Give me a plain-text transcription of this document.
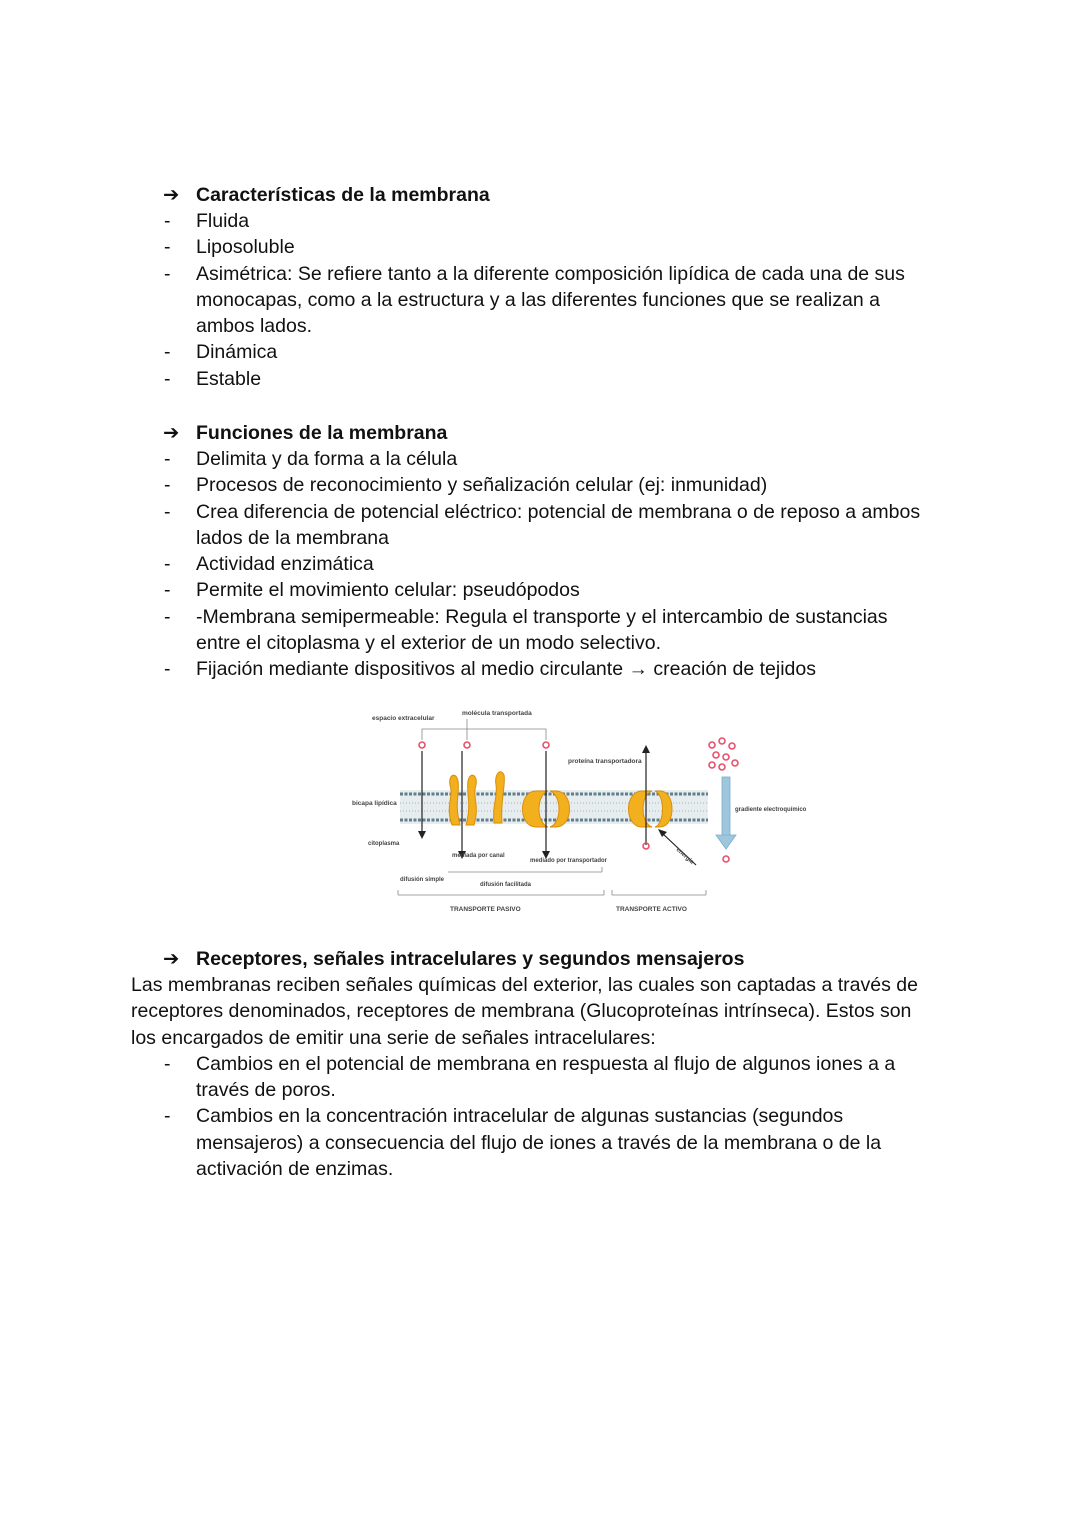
➔ Características de la membrana
- Fluida
- Liposoluble
- Asimétrica: Se refiere tanto a la diferente composición lipídica de cada una de sus monocapas, como a la estructura y a las diferentes funciones que se realizan a ambos lados.
- Dinámica
- Estable
➔ Funciones de la membrana
- Delimita y da forma a la célula
- Procesos de reconocimiento y señalización celular (ej: inmunidad)
- Crea diferencia de potencial eléctrico: potencial de membrana o de reposo a ambos lados de la membrana
- Actividad enzimática
- Permite el movimiento celular: pseudópodos
- -Membrana semipermeable: Regula el transporte y el intercambio de sustancias entre el citoplasma y el exterior de un modo selectivo.
- Fijación mediante dispositivos al medio circulante → creación de tejidos
espacio extracelular
molécula transportada
proteína transportadora
bicapa lipídica
citoplasma
gradiente electroquímico
energía
mediada por canal
mediado por transportador
difusión simple
difusión facilitada
TRANSPORTE PASIVO	TRANSPORTE ACTIVO
➔ Receptores, señales intracelulares y segundos mensajeros
Las membranas reciben señales químicas del exterior, las cuales son captadas a través de receptores denominados, receptores de membrana (Glucoproteínas intrínseca). Estos son los encargados de emitir una serie de señales intracelulares:
- Cambios en el potencial de membrana en respuesta al flujo de algunos iones a a través de poros.
- Cambios en la concentración intracelular de algunas sustancias (segundos mensajeros) a consecuencia del flujo de iones a través de la membrana o de la activación de enzimas.
